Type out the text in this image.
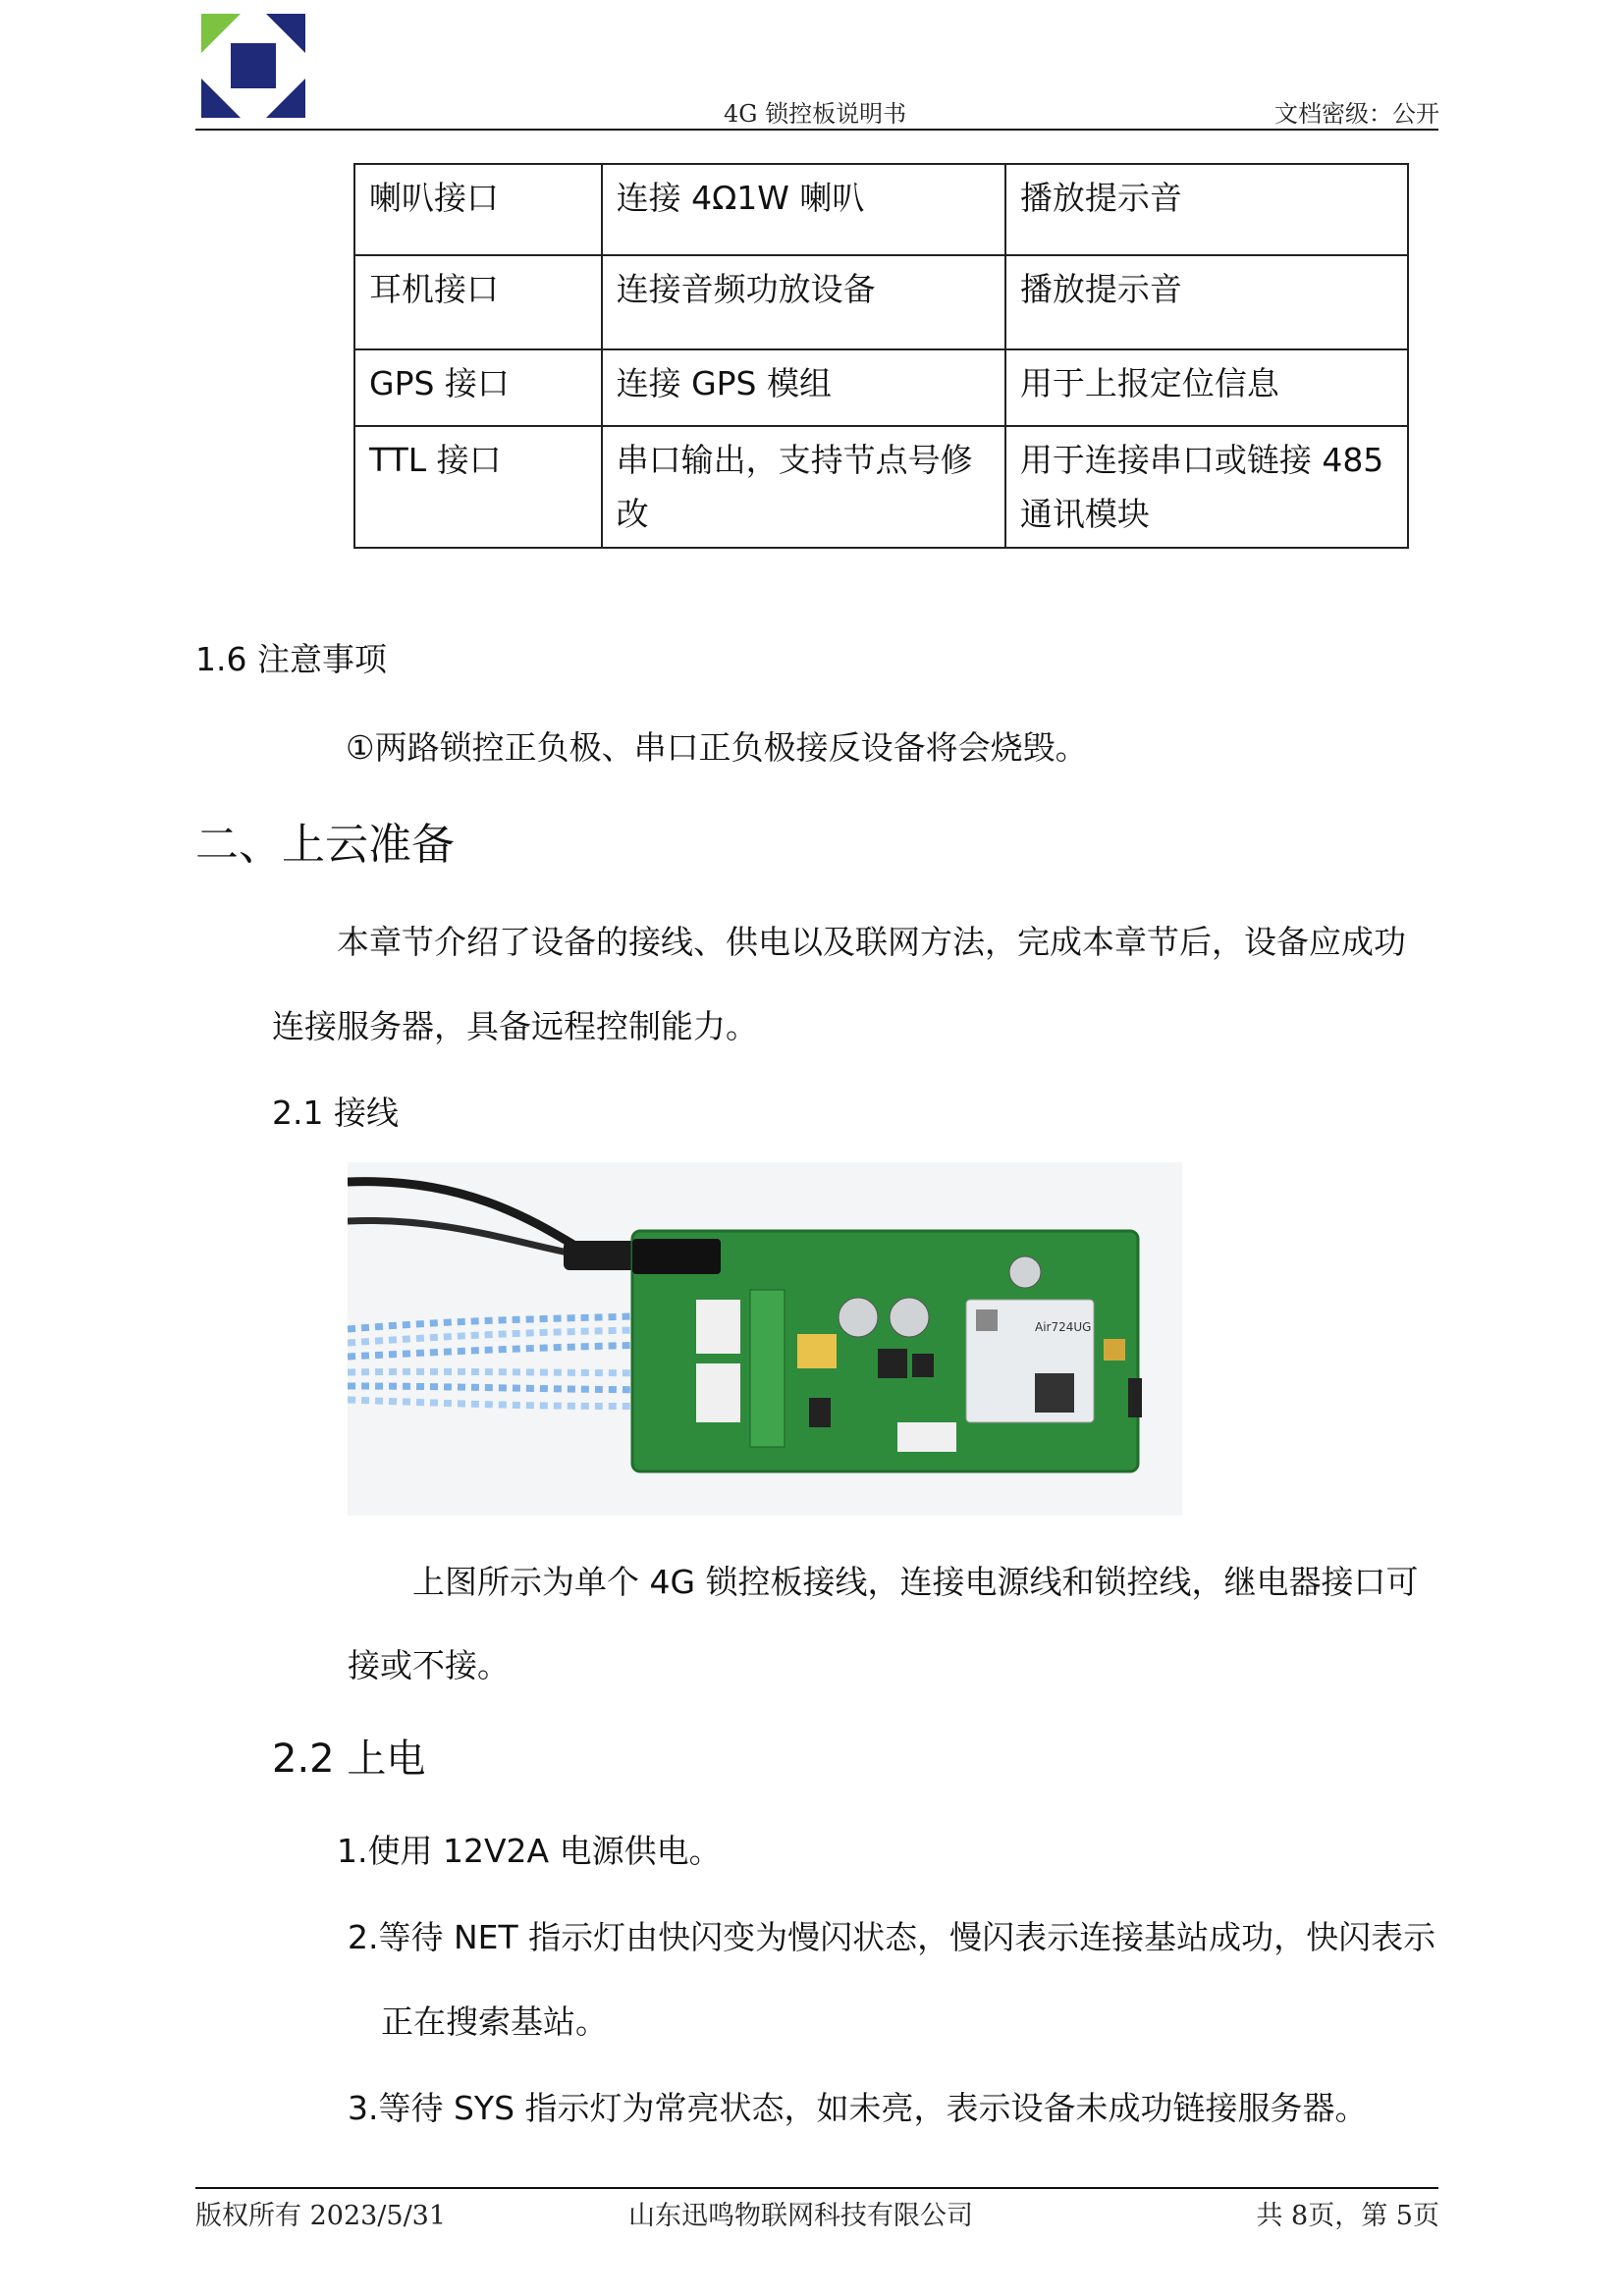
4G 锁控板说明书	文档密级：公开
喇叭接口	连接 4Ω1W 喇叭	播放提示音
耳机接口	连接音频功放设备	播放提示音
GPS 接口	连接 GPS 模组	用于上报定位信息
TTL 接口	串口输出，支持节点号修改	用于连接串口或链接 485 通讯模块
1.6 注意事项
①两路锁控正负极、串口正负极接反设备将会烧毁。
二、上云准备
本章节介绍了设备的接线、供电以及联网方法，完成本章节后，设备应成功
连接服务器，具备远程控制能力。
2.1 接线
Air724UG
上图所示为单个 4G 锁控板接线，连接电源线和锁控线，继电器接口可
接或不接。
2.2 上电
1.使用 12V2A 电源供电。
2.等待 NET 指示灯由快闪变为慢闪状态，慢闪表示连接基站成功，快闪表示
正在搜索基站。
3.等待 SYS 指示灯为常亮状态，如未亮，表示设备未成功链接服务器。
版权所有 2023/5/31	山东迅鸣物联网科技有限公司	共 8页，第 5页
